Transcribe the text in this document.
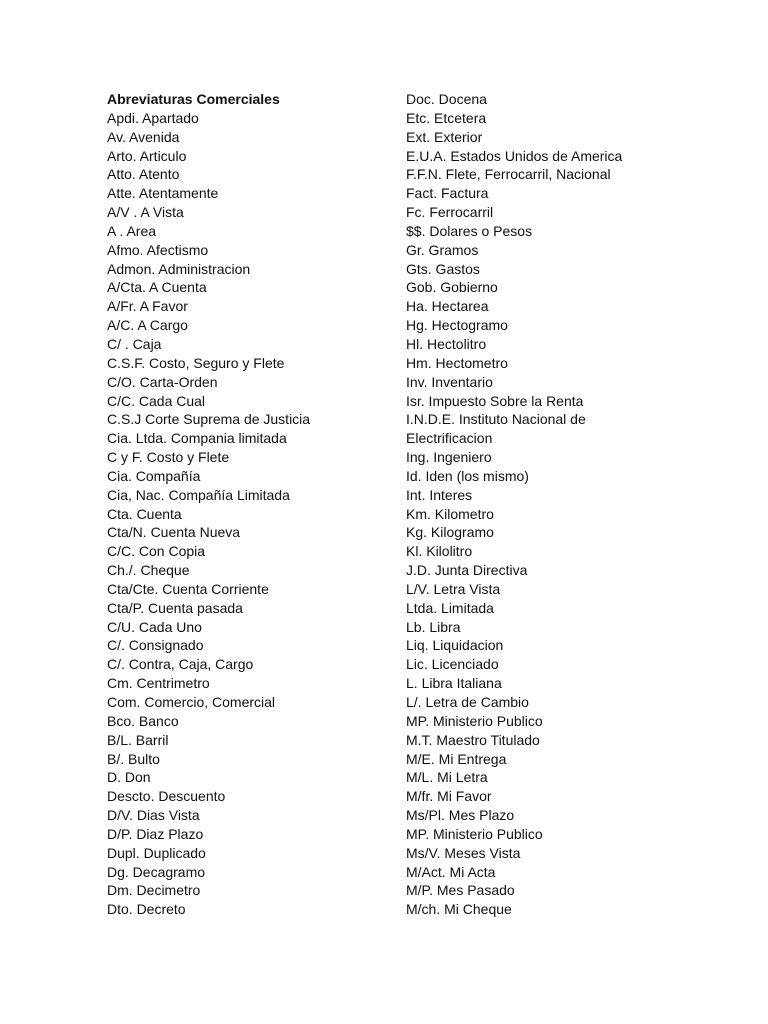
Abreviaturas Comerciales
Apdi. Apartado
Av. Avenida
Arto. Articulo
Atto. Atento
Atte. Atentamente
A/V . A Vista
A . Area
Afmo. Afectismo
Admon. Administracion
A/Cta. A Cuenta
A/Fr. A Favor
A/C. A Cargo
C/ . Caja
C.S.F. Costo, Seguro y Flete
C/O. Carta-Orden
C/C. Cada Cual
C.S.J Corte Suprema de Justicia
Cia. Ltda. Compania limitada
C y F. Costo y Flete
Cia. Compañía
Cia, Nac. Compañía Limitada
Cta. Cuenta
Cta/N. Cuenta Nueva
C/C. Con Copia
Ch./. Cheque
Cta/Cte. Cuenta Corriente
Cta/P. Cuenta pasada
C/U. Cada Uno
C/. Consignado
C/. Contra, Caja, Cargo
Cm. Centrimetro
Com. Comercio, Comercial
Bco. Banco
B/L. Barril
B/. Bulto
D. Don
Descto. Descuento
D/V. Dias Vista
D/P. Diaz Plazo
Dupl. Duplicado
Dg. Decagramo
Dm. Decimetro
Dto. Decreto
Doc. Docena
Etc. Etcetera
Ext. Exterior
E.U.A. Estados Unidos de America
F.F.N. Flete, Ferrocarril, Nacional
Fact. Factura
Fc. Ferrocarril
$$. Dolares o Pesos
Gr. Gramos
Gts. Gastos
Gob. Gobierno
Ha. Hectarea
Hg. Hectogramo
Hl. Hectolitro
Hm. Hectometro
Inv. Inventario
Isr. Impuesto Sobre la Renta
I.N.D.E. Instituto Nacional de
Electrificacion
Ing. Ingeniero
Id. Iden (los mismo)
Int. Interes
Km. Kilometro
Kg. Kilogramo
Kl. Kilolitro
J.D. Junta Directiva
L/V. Letra Vista
Ltda. Limitada
Lb. Libra
Liq. Liquidacion
Lic. Licenciado
L. Libra Italiana
L/. Letra de Cambio
MP. Ministerio Publico
M.T. Maestro Titulado
M/E. Mi Entrega
M/L. Mi Letra
M/fr. Mi Favor
Ms/Pl. Mes Plazo
MP. Ministerio Publico
Ms/V. Meses Vista
M/Act. Mi Acta
M/P. Mes Pasado
M/ch. Mi Cheque
